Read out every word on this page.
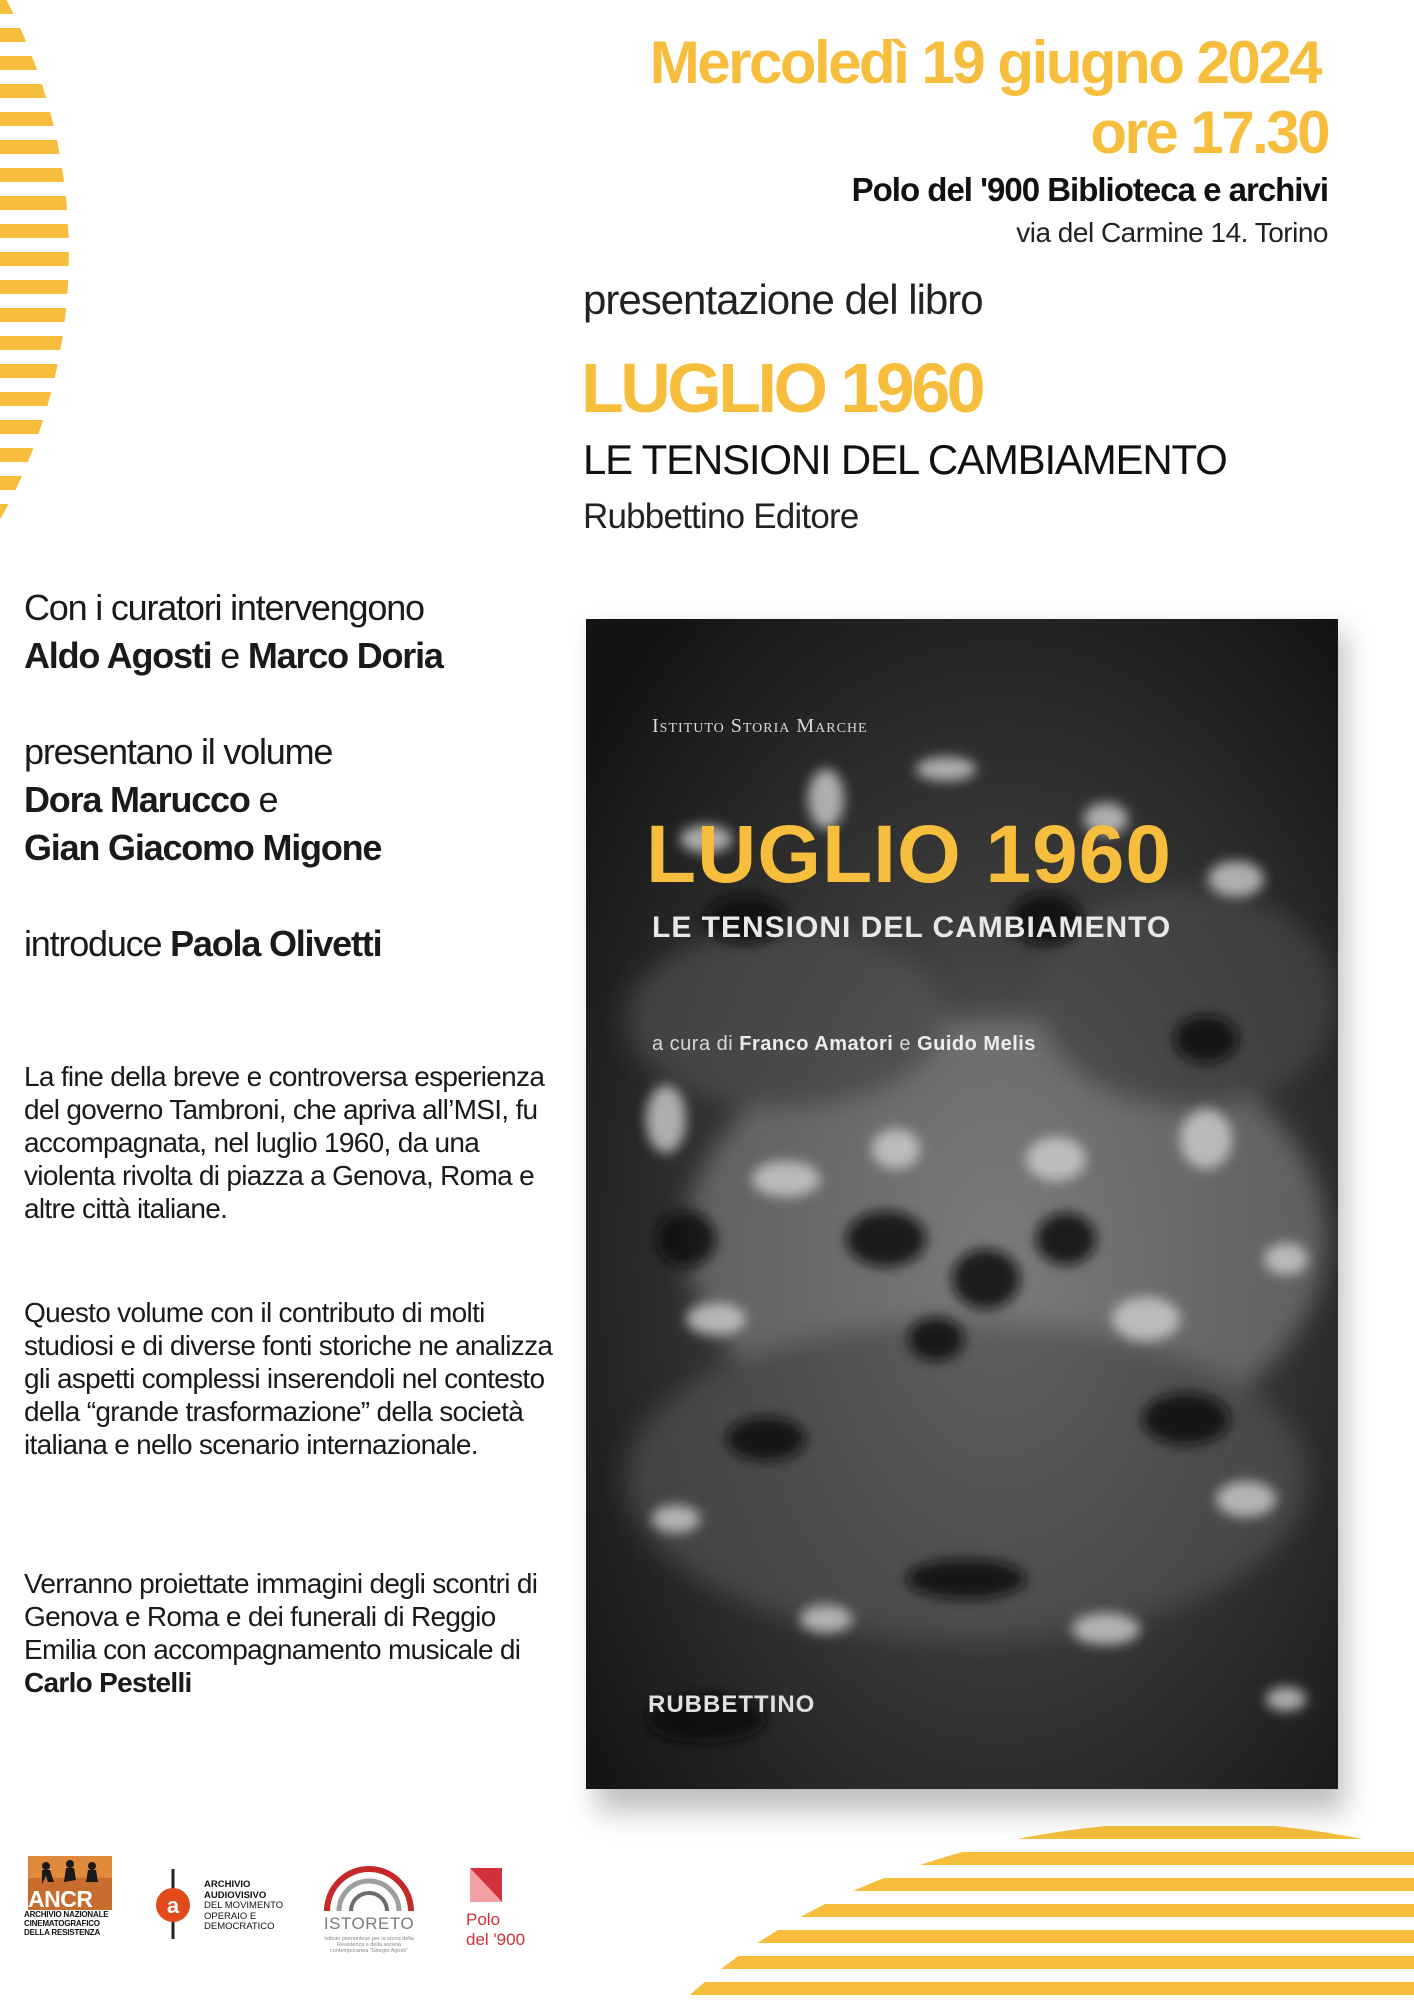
Mercoledì 19 giugno 2024
ore 17.30
Polo del '900 Biblioteca e archivi
via del Carmine 14. Torino
presentazione del libro
LUGLIO 1960
LE TENSIONI DEL CAMBIAMENTO
Rubbettino Editore
Con i curatori intervengono
Aldo Agosti e Marco Doria
presentano il volume
Dora Marucco e
Gian Giacomo Migone
introduce Paola Olivetti
La fine della breve e controversa esperienza del governo Tambroni, che apriva all’MSI, fu accompagnata, nel luglio 1960, da una violenta rivolta di piazza a Genova, Roma e altre città italiane.
Questo volume con il contributo di molti studiosi e di diverse fonti storiche ne analizza gli aspetti complessi inserendoli nel contesto della “grande trasformazione” della società italiana e nello scenario internazionale.
Verranno proiettate immagini degli scontri di Genova e Roma e dei funerali di Reggio Emilia con accompagnamento musicale di
Carlo Pestelli
Istituto Storia Marche
LUGLIO 1960
LE TENSIONI DEL CAMBIAMENTO
a cura di Franco Amatori e Guido Melis
RUBBETTINO
ANCR
ARCHIVIO NAZIONALE CINEMATOGRAFICO DELLA RESISTENZA
a
ARCHIVIO
AUDIOVISIVO
DEL MOVIMENTO
OPERAIO E
DEMOCRATICO	ISTORETO
Istituto piemontese per la storia della Resistenza e della società contemporanea "Giorgio Agosti"
Polo
del '900
